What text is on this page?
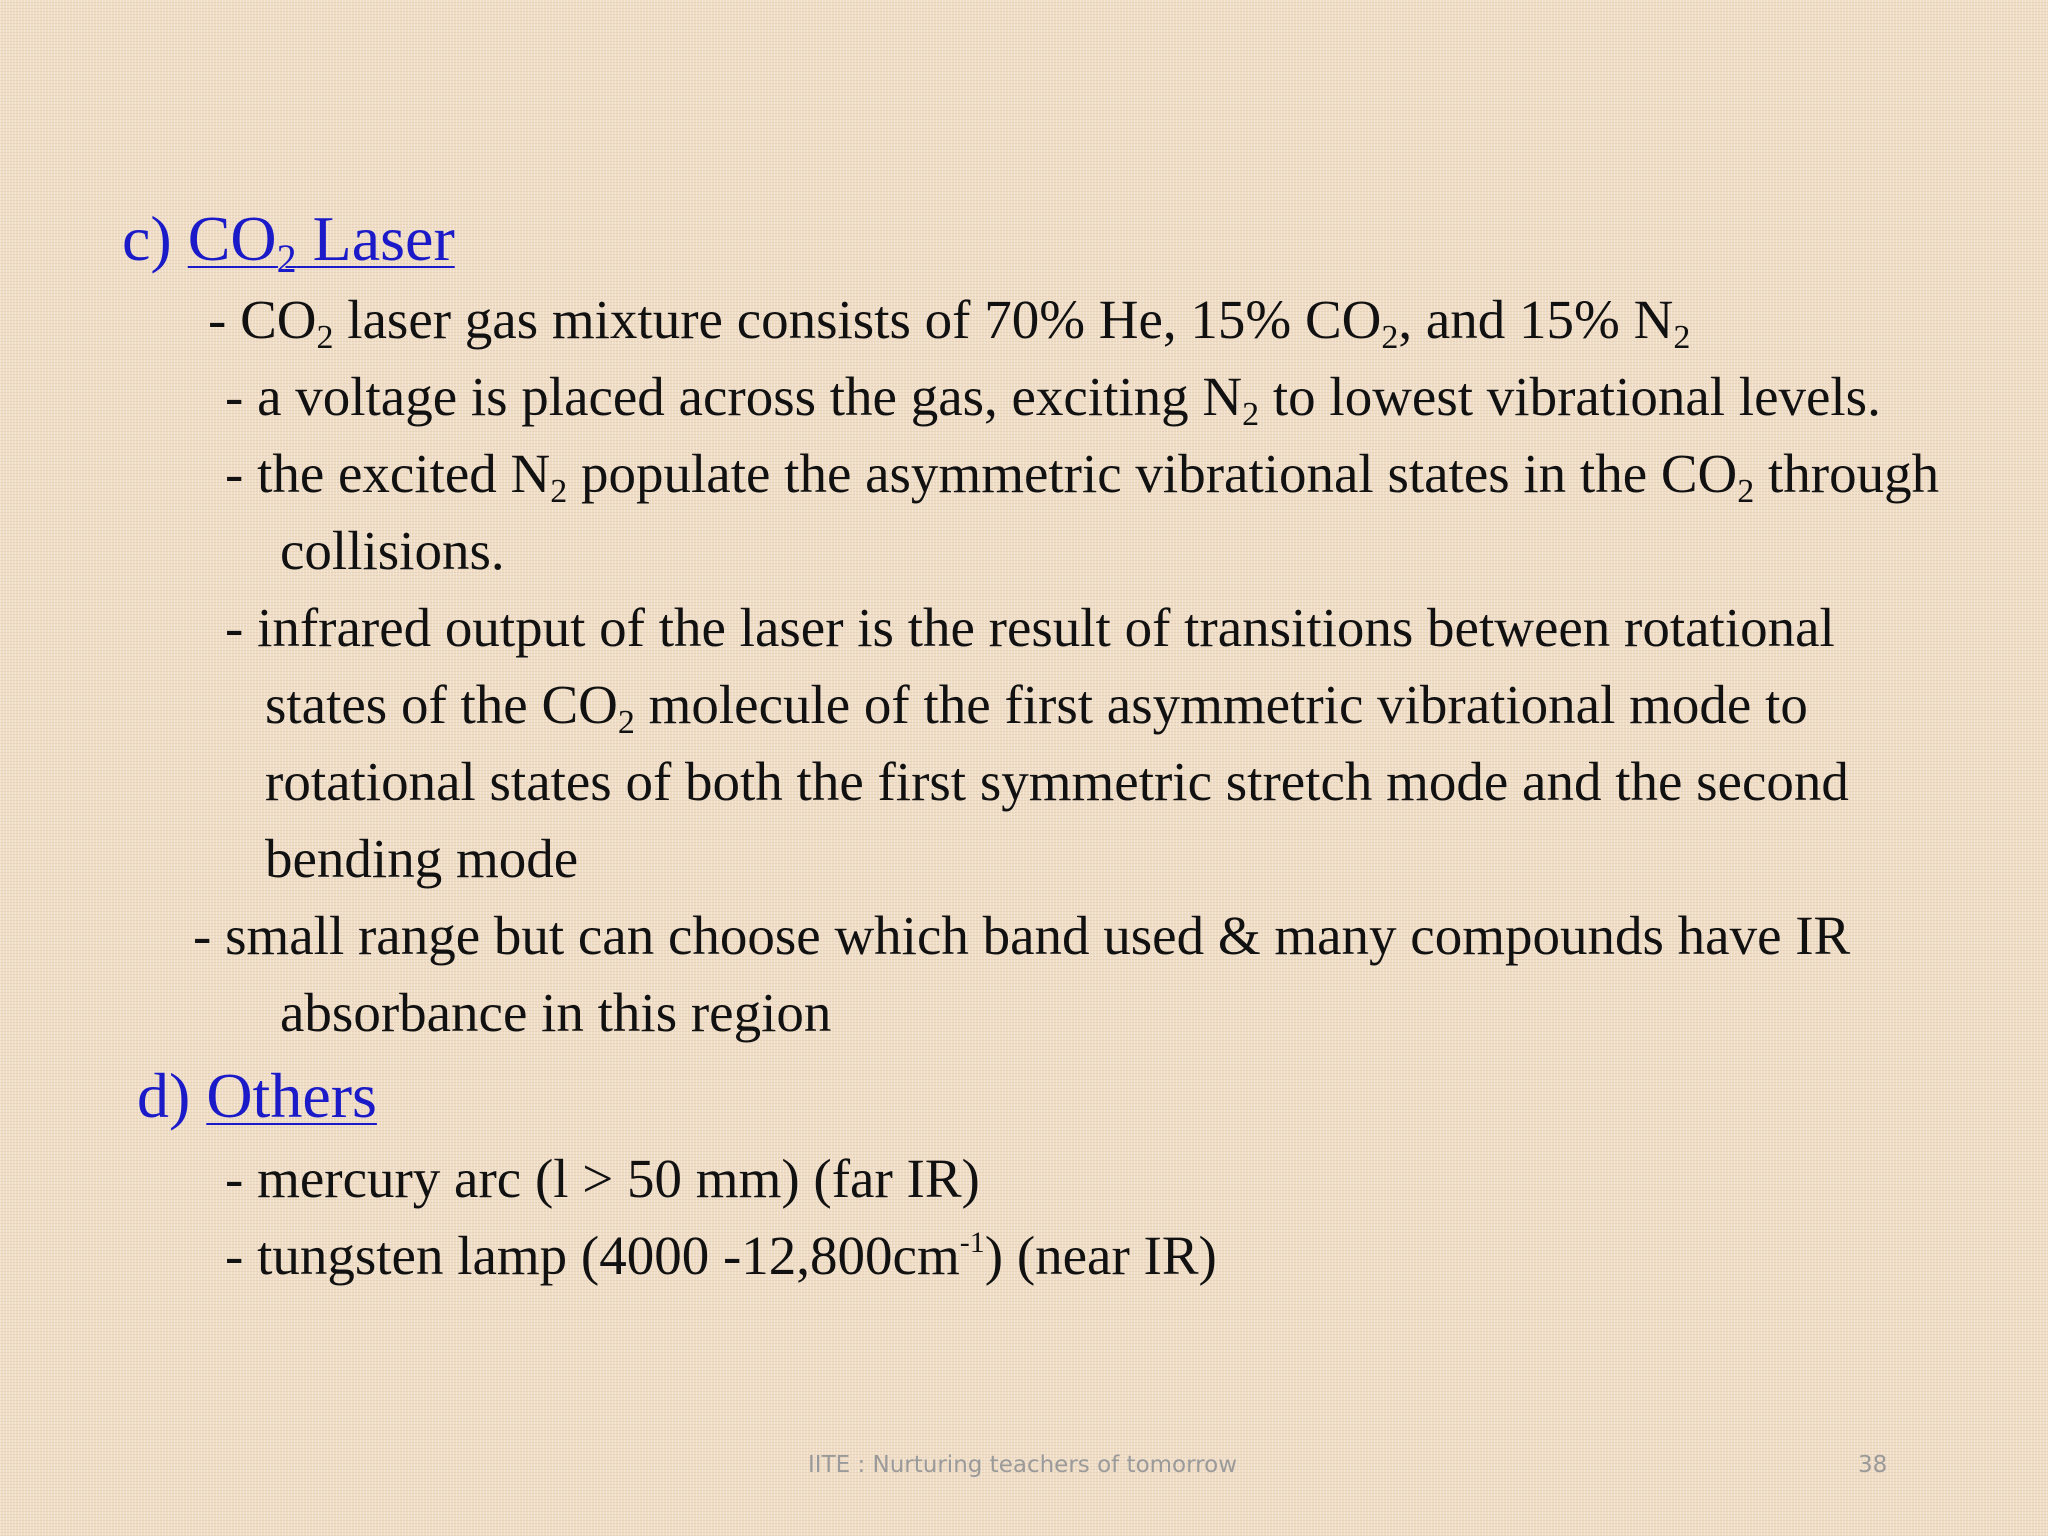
c) $CO_2$ Laser
- $CO_2$ laser gas mixture consists of 70% He, 15% $CO_2$, and 15% $N_2$
- a voltage is placed across the gas, exciting $N_2$ to lowest vibrational levels.
- the excited $N_2$ populate the asymmetric vibrational states in the $CO_2$ through
collisions.
- infrared output of the laser is the result of transitions between rotational
states of the $CO_2$ molecule of the first asymmetric vibrational mode to
rotational states of both the first symmetric stretch mode and the second
bending mode
- small range but can choose which band used & many compounds have IR
absorbance in this region
d) Others
- mercury arc (l > 50 mm) (far IR)
- tungsten lamp (4000 $-12,800cm^{-1}$) (near IR)
IITE : Nurturing teachers of tomorrow	38
